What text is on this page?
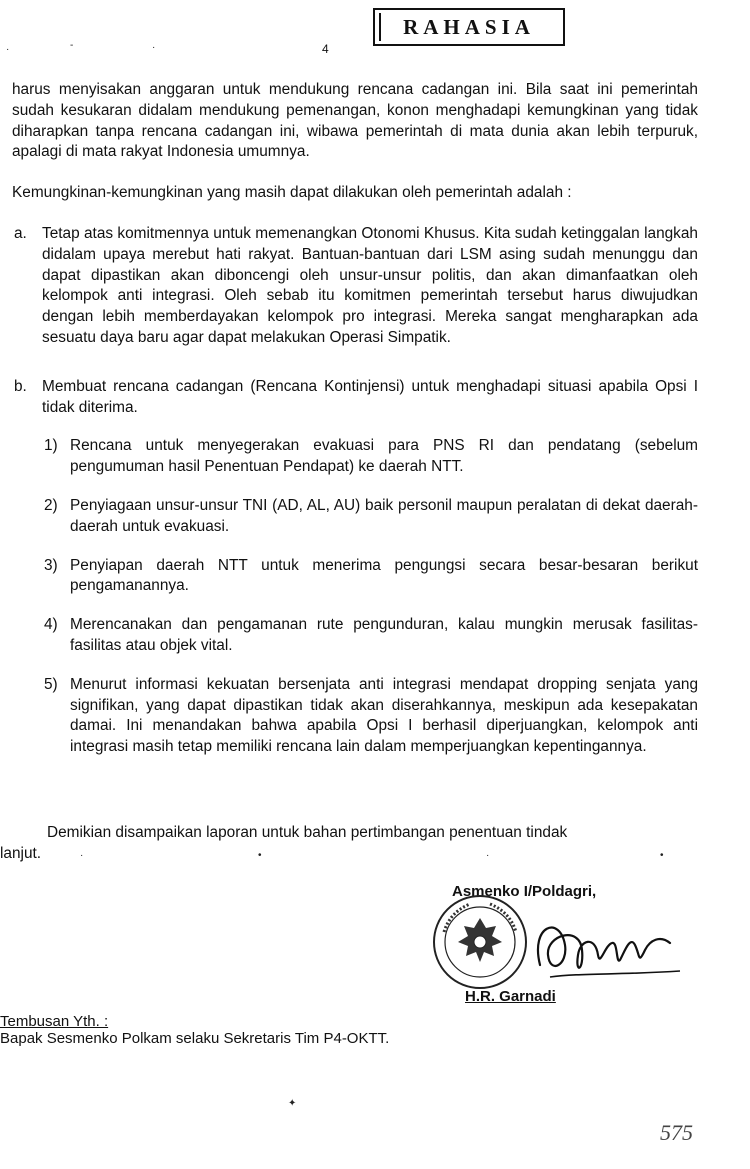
RAHASIA
4
·	-	·

harus menyisakan anggaran untuk mendukung rencana cadangan ini. Bila saat ini pemerintah sudah kesukaran didalam mendukung pemenangan, konon menghadapi kemungkinan yang tidak diharapkan tanpa rencana cadangan ini, wibawa pemerintah di mata dunia akan lebih terpuruk, apalagi di mata rakyat Indonesia umumnya.

Kemungkinan-kemungkinan yang masih dapat dilakukan oleh pemerintah adalah :

a. Tetap atas komitmennya untuk memenangkan Otonomi Khusus. Kita sudah ketinggalan langkah didalam upaya merebut hati rakyat. Bantuan-bantuan dari LSM asing sudah menunggu dan dapat dipastikan akan diboncengi oleh unsur-unsur politis, dan akan dimanfaatkan oleh kelompok anti integrasi. Oleh sebab itu komitmen pemerintah tersebut harus diwujudkan dengan lebih memberdayakan kelompok pro integrasi. Mereka sangat mengharapkan ada sesuatu daya baru agar dapat melakukan Operasi Simpatik.
b. Membuat rencana cadangan (Rencana Kontinjensi) untuk menghadapi situasi apabila Opsi I tidak diterima.
1) Rencana untuk menyegerakan evakuasi para PNS RI dan pendatang (sebelum pengumuman hasil Penentuan Pendapat) ke daerah NTT.
2) Penyiagaan unsur-unsur TNI (AD, AL, AU) baik personil maupun peralatan di dekat daerah-daerah untuk evakuasi.
3) Penyiapan daerah NTT untuk menerima pengungsi secara besar-besaran berikut pengamanannya.
4) Merencanakan dan pengamanan rute pengunduran, kalau mungkin merusak fasilitas-fasilitas atau objek vital.
5) Menurut informasi kekuatan bersenjata anti integrasi mendapat dropping senjata yang signifikan, yang dapat dipastikan tidak akan diserahkannya, meskipun ada kesepakatan damai. Ini menandakan bahwa apabila Opsi I berhasil diperjuangkan, kelompok anti integrasi masih tetap memiliki rencana lain dalam memperjuangkan kepentingannya.
Demikian disampaikan laporan untuk bahan pertimbangan penentuan tindak
lanjut.	·	•	·	•
Asmenko I/Poldagri,
H.R. Garnadi
Tembusan Yth. :
Bapak Sesmenko Polkam selaku Sekretaris Tim P4-OKTT.
✦
575
